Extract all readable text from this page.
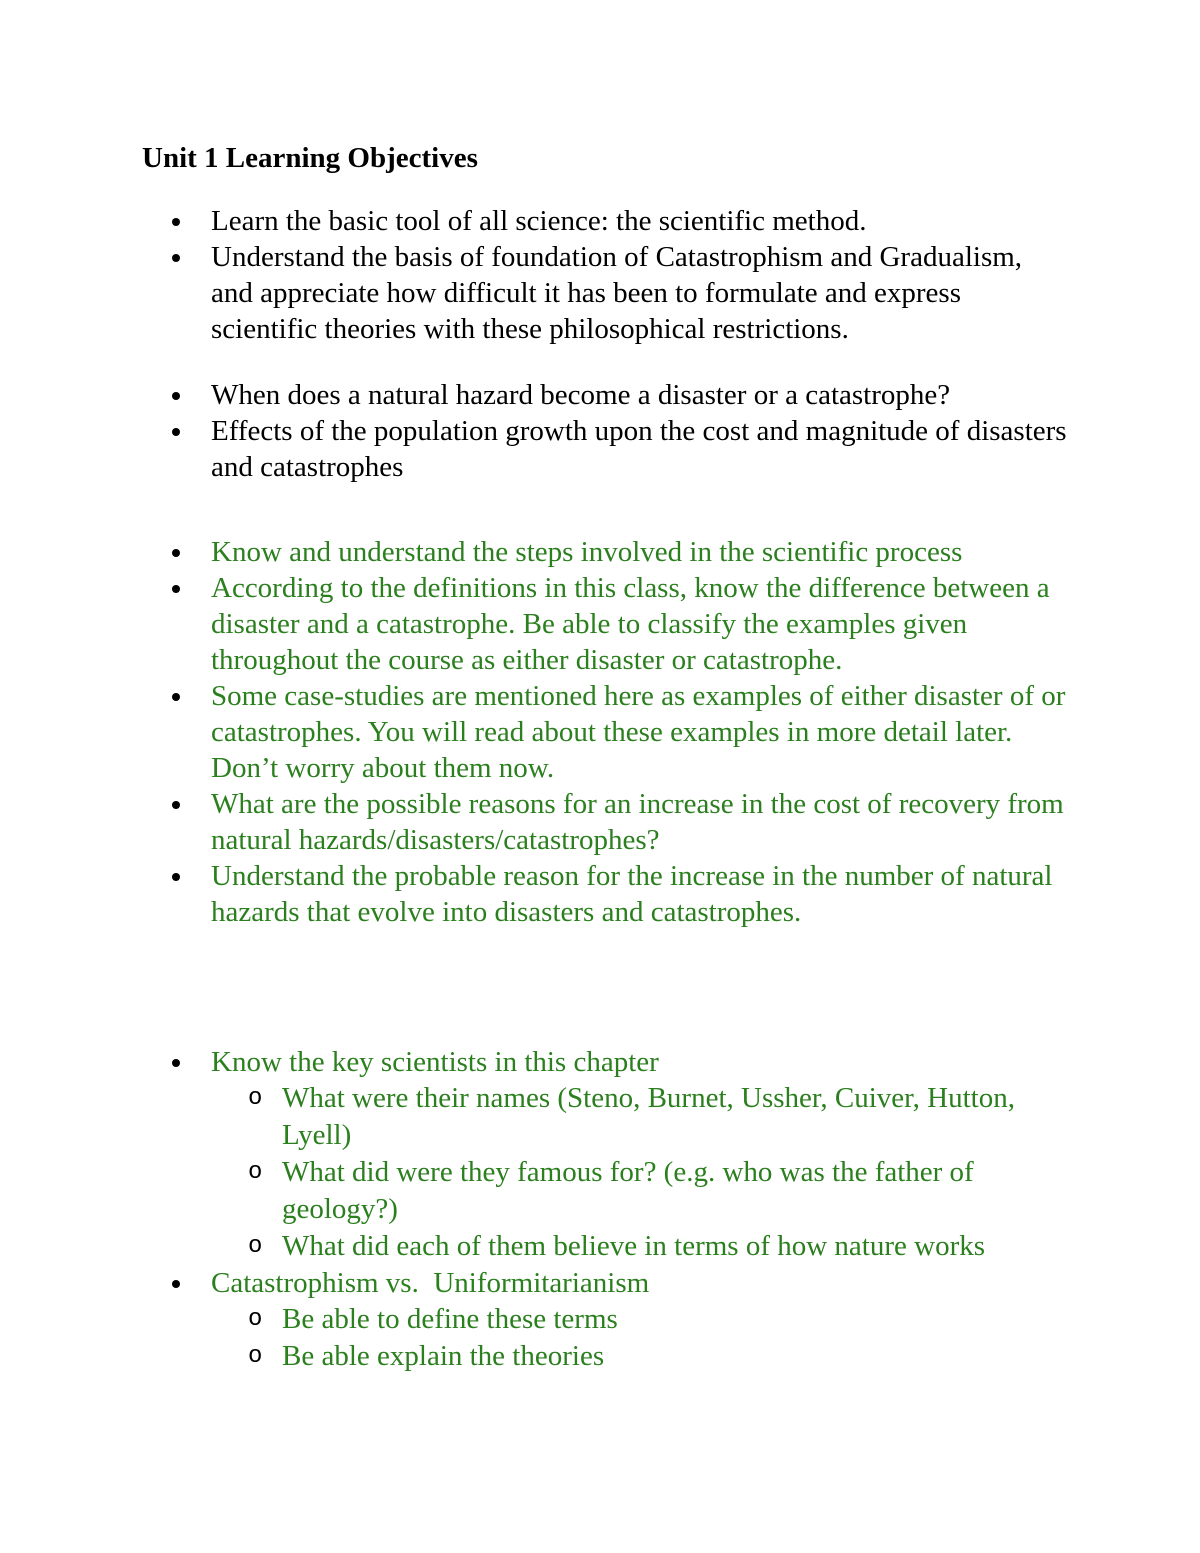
Unit 1 Learning Objectives
Learn the basic tool of all science: the scientific method.
Understand the basis of foundation of Catastrophism and Gradualism, and appreciate how difficult it has been to formulate and express scientific theories with these philosophical restrictions.
When does a natural hazard become a disaster or a catastrophe?
Effects of the population growth upon the cost and magnitude of disasters and catastrophes
Know and understand the steps involved in the scientific process
According to the definitions in this class, know the difference between a disaster and a catastrophe. Be able to classify the examples given throughout the course as either disaster or catastrophe.
Some case-studies are mentioned here as examples of either disaster of or catastrophes. You will read about these examples in more detail later. Don’t worry about them now.
What are the possible reasons for an increase in the cost of recovery from natural hazards/disasters/catastrophes?
Understand the probable reason for the increase in the number of natural hazards that evolve into disasters and catastrophes.
Know the key scientists in this chapter
o What were their names (Steno, Burnet, Ussher, Cuiver, Hutton, Lyell)
o What did were they famous for? (e.g. who was the father of geology?)
o What did each of them believe in terms of how nature works
Catastrophism vs.  Uniformitarianism
o Be able to define these terms
o Be able explain the theories
